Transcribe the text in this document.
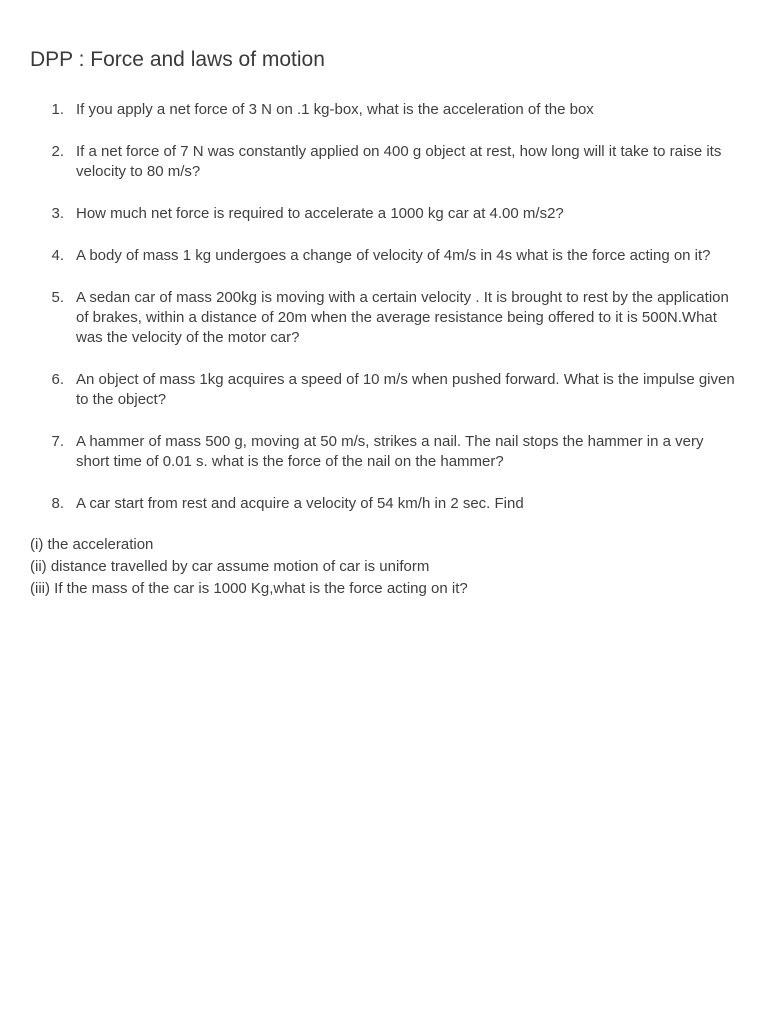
DPP : Force and laws of motion
1. If you apply a net force of 3 N on .1 kg-box, what is the acceleration of the box
2. If a net force of 7 N was constantly applied on 400 g object at rest, how long will it take to raise its velocity to 80 m/s?
3. How much net force is required to accelerate a 1000 kg car at 4.00 m/s2?
4. A body of mass 1 kg undergoes a change of velocity of 4m/s in 4s what is the force acting on it?
5. A sedan car of mass 200kg is moving with a certain velocity . It is brought to rest by the application of brakes, within a distance of 20m when the average resistance being offered to it is 500N.What was the velocity of the motor car?
6. An object of mass 1kg acquires a speed of 10 m/s when pushed forward. What is the impulse given to the object?
7. A hammer of mass 500 g, moving at 50 m/s, strikes a nail. The nail stops the hammer in a very short time of 0.01 s. what is the force of the nail on the hammer?
8. A car start from rest and acquire a velocity of 54 km/h in 2 sec. Find
(i) the acceleration
(ii) distance travelled by car assume motion of car is uniform
(iii) If the mass of the car is 1000 Kg,what is the force acting on it?
